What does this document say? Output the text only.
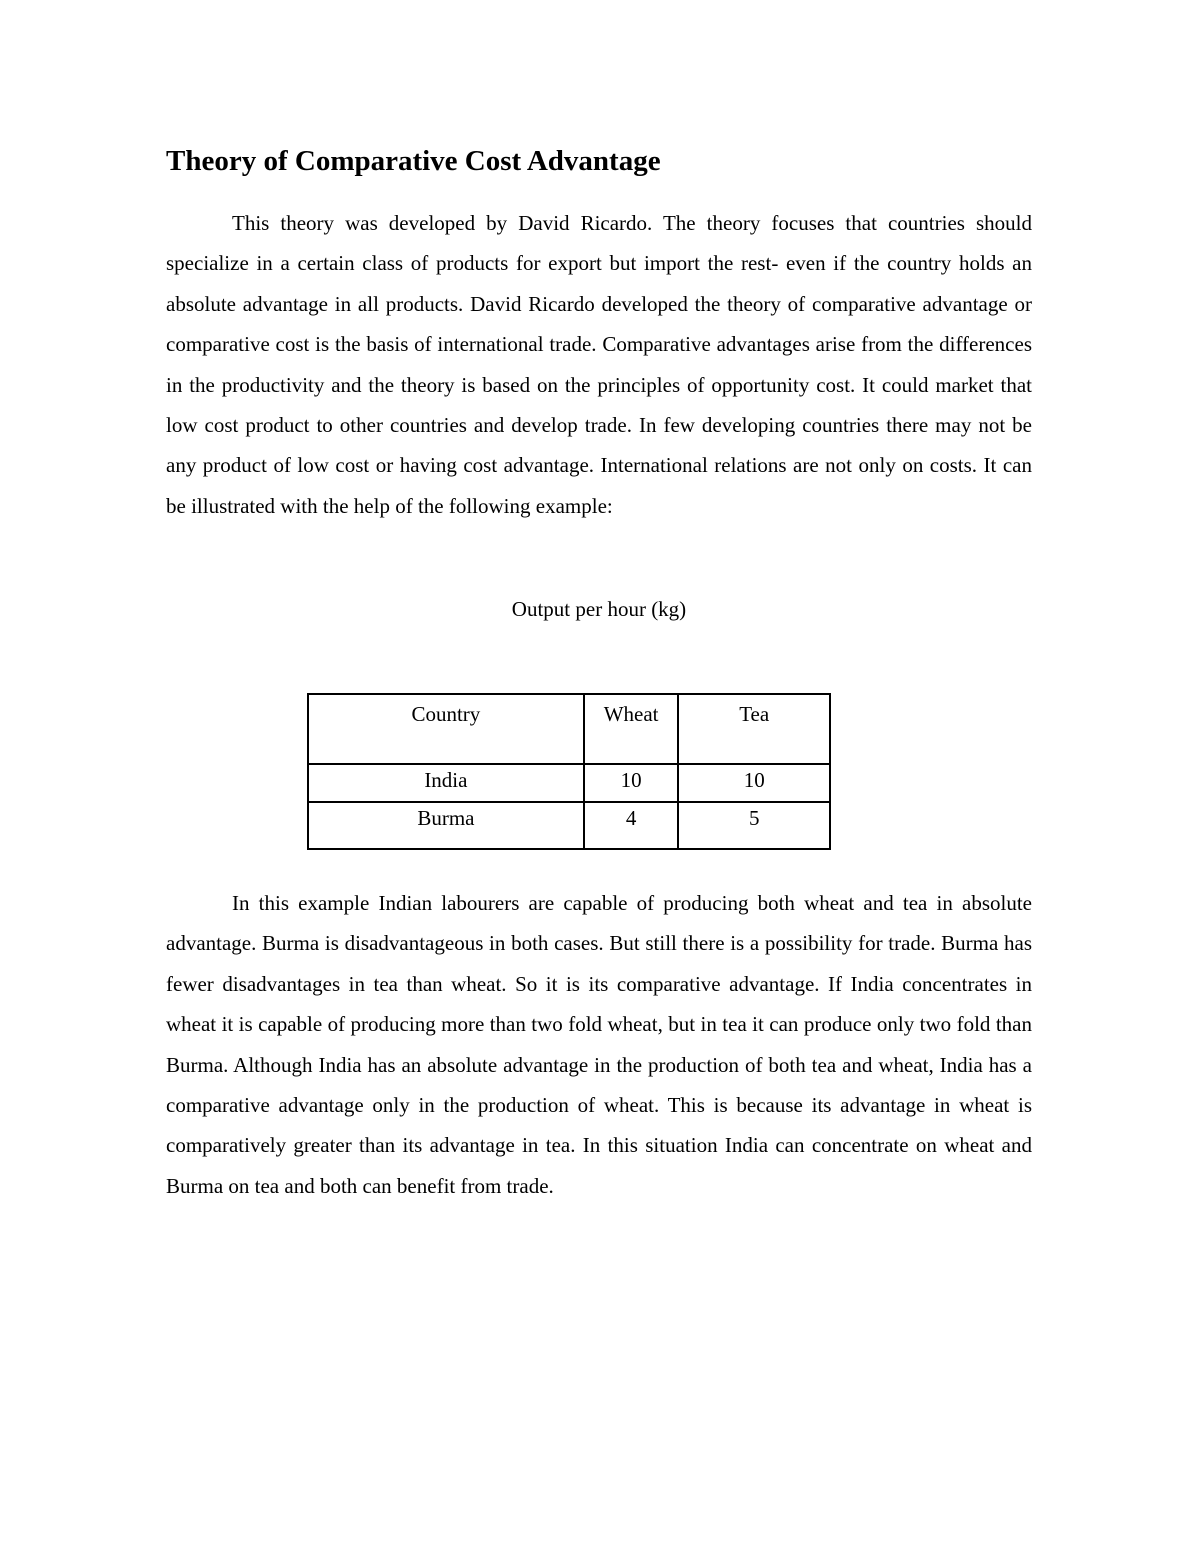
Theory of Comparative Cost Advantage

This theory was developed by David Ricardo. The theory focuses that countries should specialize in a certain class of products for export but import the rest- even if the country holds an absolute advantage in all products. David Ricardo developed the theory of comparative advantage or comparative cost is the basis of international trade. Comparative advantages arise from the differences in the productivity and the theory is based on the principles of opportunity cost. It could market that low cost product to other countries and develop trade. In few developing countries there may not be any product of low cost or having cost advantage. International relations are not only on costs. It can be illustrated with the help of the following example:

Output per hour (kg)
Country	Wheat	Tea

India	10	10
Burma	4	5

In this example Indian labourers are capable of producing both wheat and tea in absolute advantage. Burma is disadvantageous in both cases. But still there is a possibility for trade. Burma has fewer disadvantages in tea than wheat. So it is its comparative advantage. If India concentrates in wheat it is capable of producing more than two fold wheat, but in tea it can produce only two fold than Burma. Although India has an absolute advantage in the production of both tea and wheat, India has a comparative advantage only in the production of wheat. This is because its advantage in wheat is comparatively greater than its advantage in tea. In this situation India can concentrate on wheat and Burma on tea and both can benefit from trade.
